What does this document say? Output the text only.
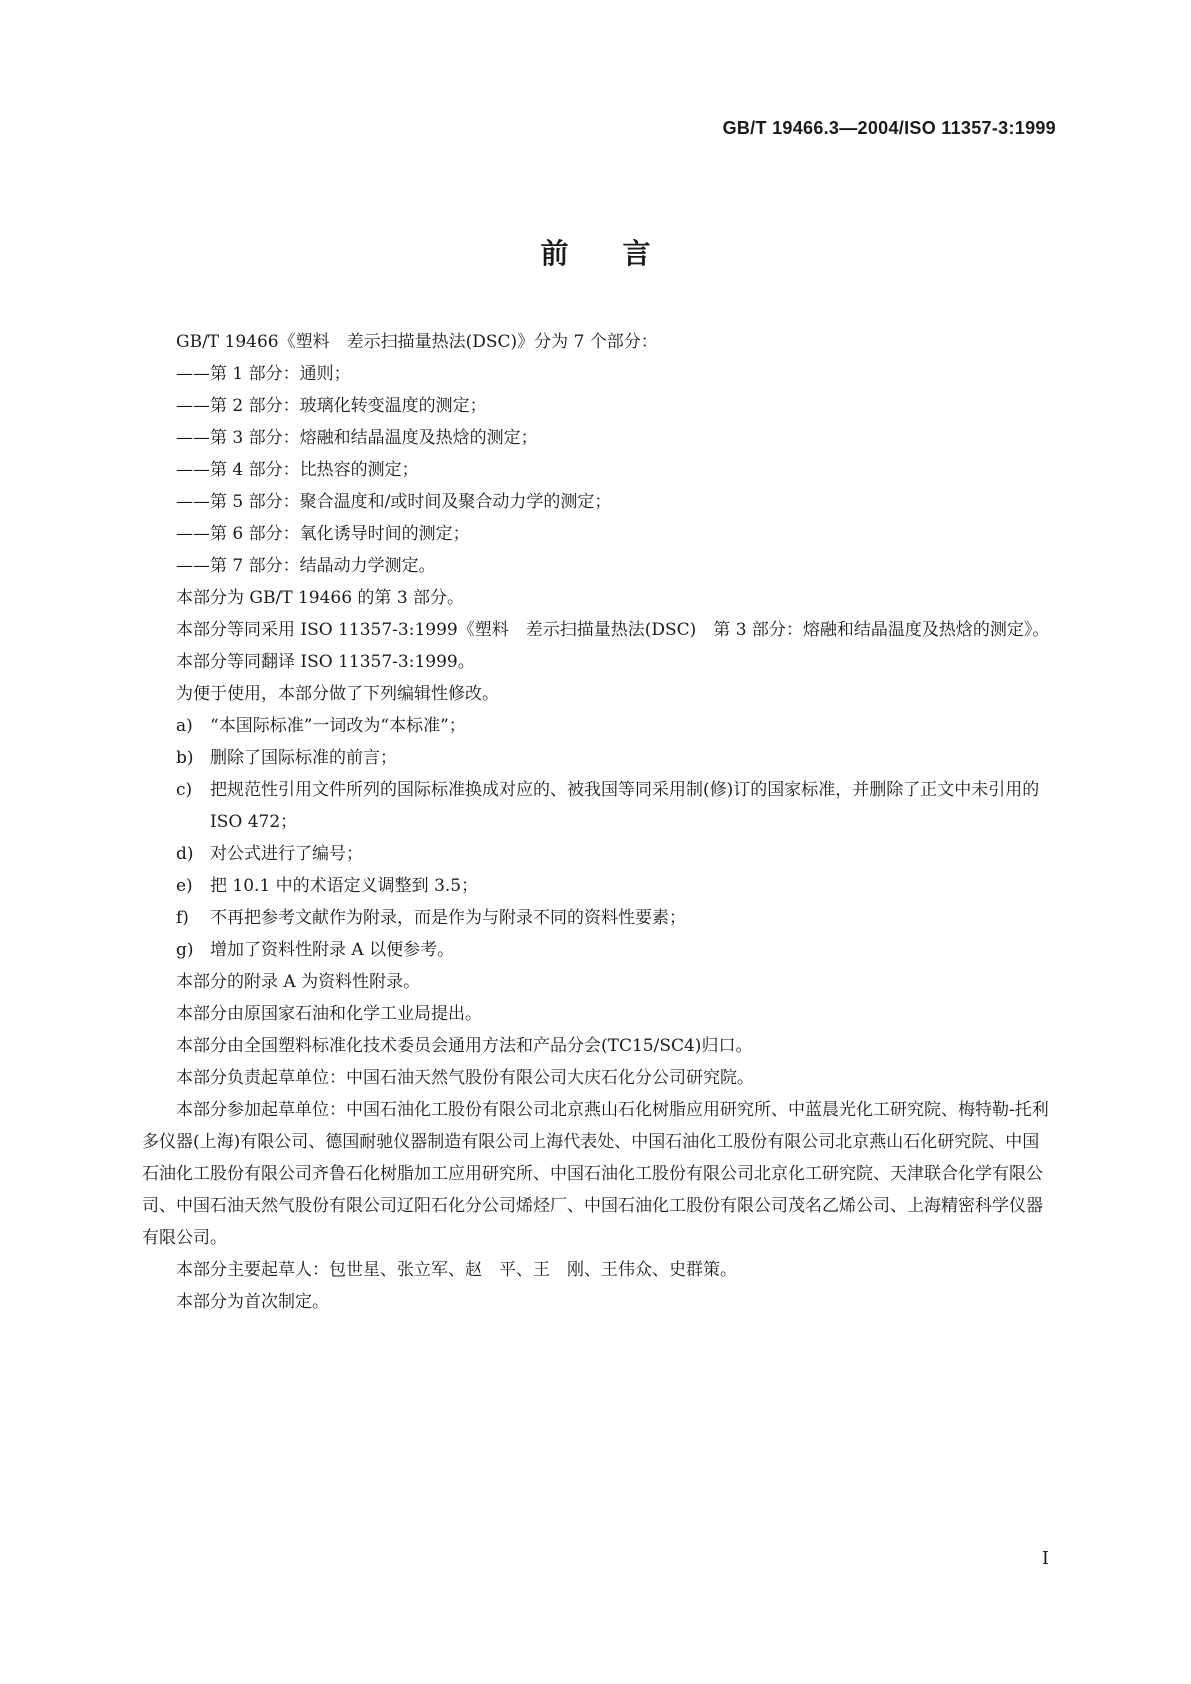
GB/T 19466.3—2004/ISO 11357-3:1999
前言

GB/T 19466《塑料　差示扫描量热法(DSC)》分为 7 个部分：

——第 1 部分：通则；

——第 2 部分：玻璃化转变温度的测定；

——第 3 部分：熔融和结晶温度及热焓的测定；

——第 4 部分：比热容的测定；

——第 5 部分：聚合温度和/或时间及聚合动力学的测定；

——第 6 部分：氧化诱导时间的测定；

——第 7 部分：结晶动力学测定。

本部分为 GB/T 19466 的第 3 部分。

本部分等同采用 ISO 11357-3:1999《塑料　差示扫描量热法(DSC)　第 3 部分：熔融和结晶温度及热焓的测定》。

本部分等同翻译 ISO 11357-3:1999。

为便于使用，本部分做了下列编辑性修改。

a)	“本国际标准”一词改为“本标准”；
b) 删除了国际标准的前言；
c)	把规范性引用文件所列的国际标准换成对应的、被我国等同采用制(修)订的国家标准，并删除了正文中未引用的 ISO 472；
d) 对公式进行了编号；
e)	把 10.1 中的术语定义调整到 3.5；
f)	不再把参考文献作为附录，而是作为与附录不同的资料性要素；
g) 增加了资料性附录 A 以便参考。

本部分的附录 A 为资料性附录。

本部分由原国家石油和化学工业局提出。

本部分由全国塑料标准化技术委员会通用方法和产品分会(TC15/SC4)归口。

本部分负责起草单位：中国石油天然气股份有限公司大庆石化分公司研究院。

本部分参加起草单位：中国石油化工股份有限公司北京燕山石化树脂应用研究所、中蓝晨光化工研究院、梅特勒-托利多仪器(上海)有限公司、德国耐驰仪器制造有限公司上海代表处、中国石油化工股份有限公司北京燕山石化研究院、中国石油化工股份有限公司齐鲁石化树脂加工应用研究所、中国石油化工股份有限公司北京化工研究院、天津联合化学有限公司、中国石油天然气股份有限公司辽阳石化分公司烯烃厂、中国石油化工股份有限公司茂名乙烯公司、上海精密科学仪器有限公司。

本部分主要起草人：包世星、张立军、赵　平、王　刚、王伟众、史群策。

本部分为首次制定。

I
